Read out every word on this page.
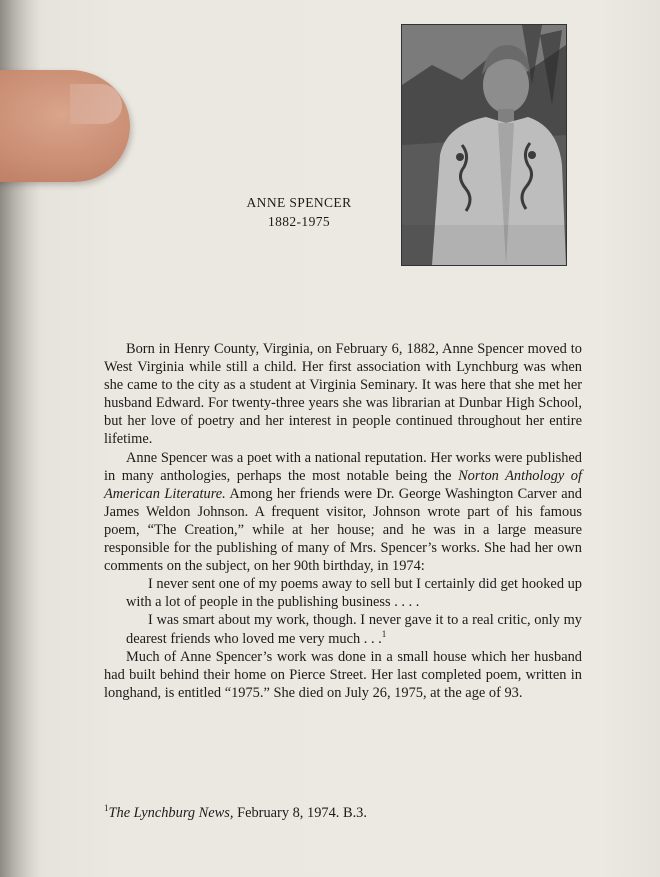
ANNE SPENCER
1882-1975

Born in Henry County, Virginia, on February 6, 1882, Anne Spencer moved to West Virginia while still a child. Her first association with Lynchburg was when she came to the city as a student at Virginia Seminary. It was here that she met her husband Edward. For twenty-three years she was librarian at Dunbar High School, but her love of poetry and her interest in people continued throughout her entire lifetime.

Anne Spencer was a poet with a national reputation. Her works were published in many anthologies, perhaps the most notable being the Norton Anthology of American Literature. Among her friends were Dr. George Washington Carver and James Weldon Johnson. A frequent visitor, Johnson wrote part of his famous poem, “The Creation,” while at her house; and he was in a large measure responsible for the publishing of many of Mrs. Spencer’s works. She had her own comments on the subject, on her 90th birthday, in 1974:

I never sent one of my poems away to sell but I certainly did get hooked up with a lot of people in the publishing business . . . .

I was smart about my work, though. I never gave it to a real critic, only my dearest friends who loved me very much . . .$^1$

Much of Anne Spencer’s work was done in a small house which her husband had built behind their home on Pierce Street. Her last completed poem, written in longhand, is entitled “1975.” She died on July 26, 1975, at the age of 93.

$^1$The Lynchburg News, February 8, 1974. B.3.
